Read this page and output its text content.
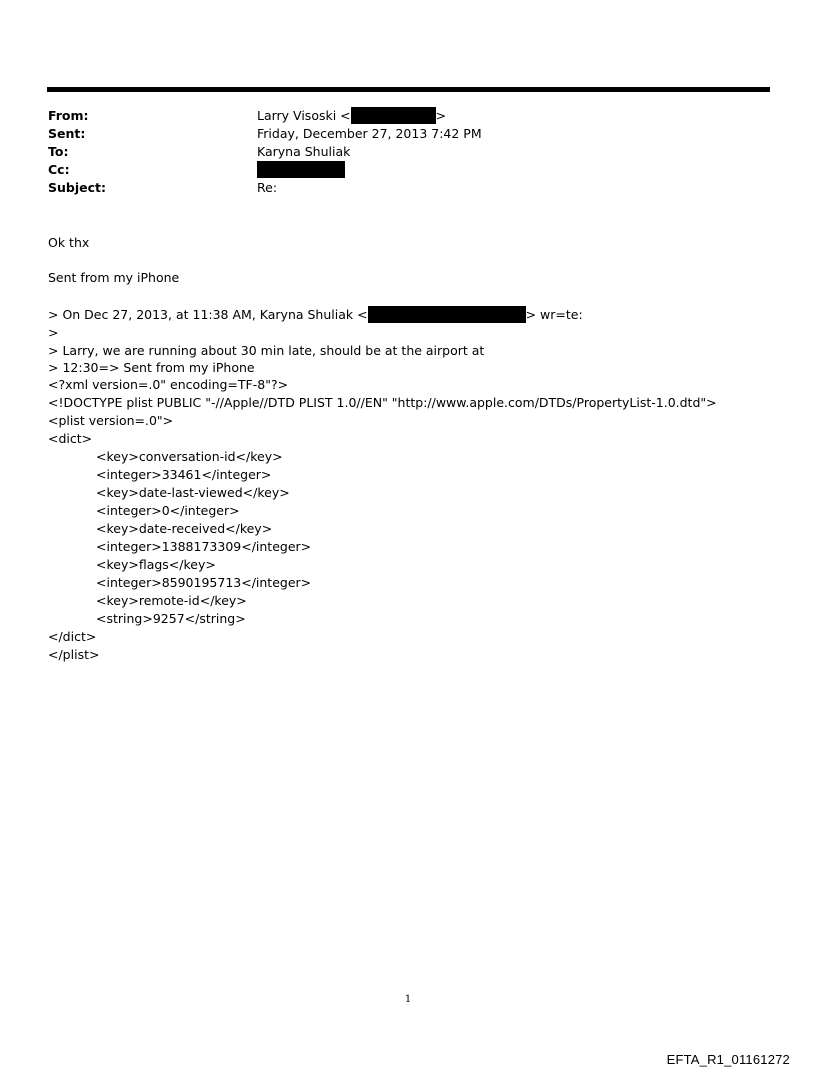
From:	Larry Visoski <	>
Sent:	Friday, December 27, 2013 7:42 PM
To:	Karyna Shuliak
Cc:
Subject:	Re:
Ok thx
Sent from my iPhone
> On Dec 27, 2013, at 11:38 AM, Karyna Shuliak <	> wr=te:
>
> Larry, we are running about 30 min late, should be at the airport at
> 12:30=> Sent from my iPhone
<?xml version=.0" encoding=TF-8"?>
<!DOCTYPE plist PUBLIC "-//Apple//DTD PLIST 1.0//EN" "http://www.apple.com/DTDs/PropertyList-1.0.dtd">
<plist version=.0">
<dict>
<key>conversation-id</key>
<integer>33461</integer>
<key>date-last-viewed</key>
<integer>0</integer>
<key>date-received</key>
<integer>1388173309</integer>
<key>flags</key>
<integer>8590195713</integer>
<key>remote-id</key>
<string>9257</string>
</dict>
</plist>
1
EFTA_R1_01161272
